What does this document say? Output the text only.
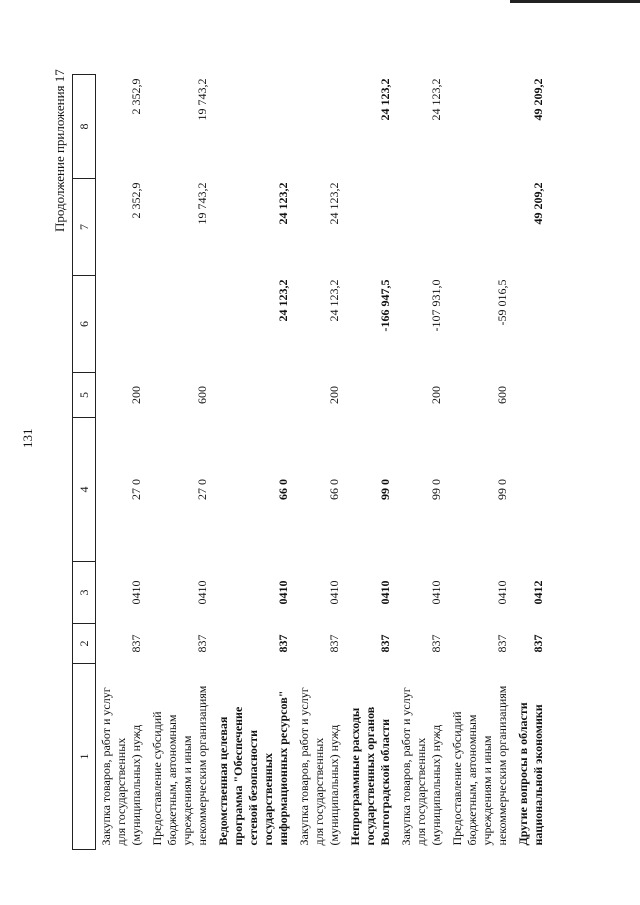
131
Продолжение приложения 17
1	2	3	4	5	6	7	8
Закупка товаров, работ и услуг для государственных (муниципальных) нужд	837	0410	27 0	200		2 352,9	2 352,9
Предоставление субсидий бюджетным, автономным учреждениям и иным некоммерческим организациям	837	0410	27 0	600		19 743,2	19 743,2
Ведомственная целевая программа "Обеспечение сетевой безопасности государственных информационных ресурсов"	837	0410	66 0		24 123,2	24 123,2	
Закупка товаров, работ и услуг для государственных (муниципальных) нужд	837	0410	66 0	200	24 123,2	24 123,2	
Непрограммные расходы государственных органов Волгоградской области	837	0410	99 0		-166 947,5		24 123,2
Закупка товаров, работ и услуг для государственных (муниципальных) нужд	837	0410	99 0	200	-107 931,0		24 123,2
Предоставление субсидий бюджетным, автономным учреждениям и иным некоммерческим организациям	837	0410	99 0	600	-59 016,5		
Другие вопросы в области национальной экономики	837	0412				49 209,2	49 209,2
